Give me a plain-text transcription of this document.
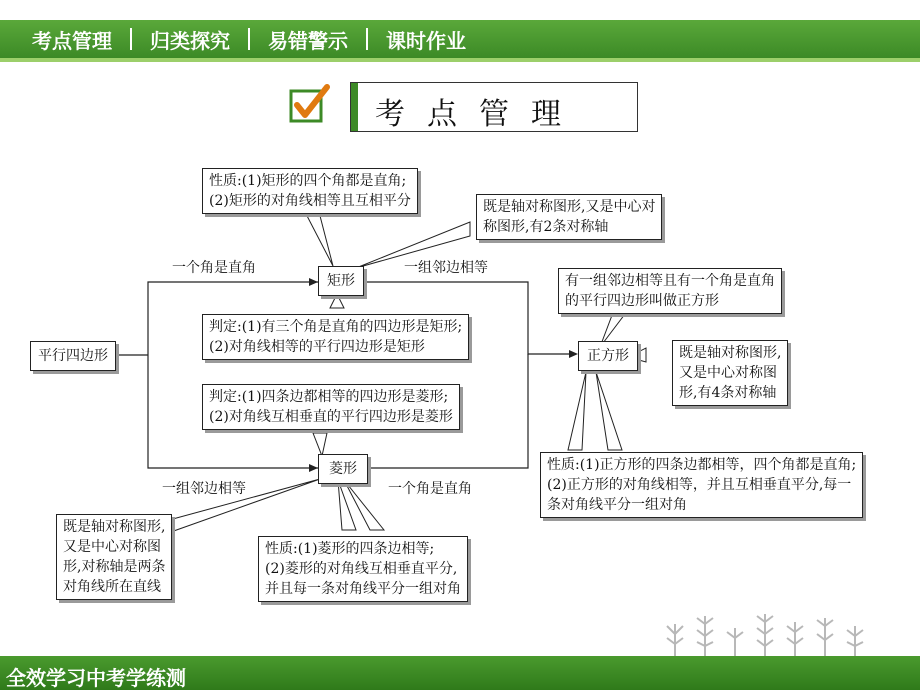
考点管理	归类探究	易错警示	课时作业
考点管理
平行四边形
矩形
菱形
正方形
一个角是直角	一组邻边相等
一组邻边相等	一个角是直角
性质:(1)矩形的四个角都是直角;
(2)矩形的对角线相等且互相平分	既是轴对称图形,又是中心对
称图形,有2条对称轴
判定:(1)有三个角是直角的四边形是矩形;
(2)对角线相等的平行四边形是矩形
判定:(1)四条边都相等的四边形是菱形;
(2)对角线互相垂直的平行四边形是菱形
有一组邻边相等且有一个角是直角
的平行四边形叫做正方形
既是轴对称图形,
又是中心对称图
形,有4条对称轴
性质:(1)正方形的四条边都相等，四个角都是直角;
(2)正方形的对角线相等，并且互相垂直平分,每一
条对角线平分一组对角
既是轴对称图形,
又是中心对称图
形,对称轴是两条
对角线所在直线
性质:(1)菱形的四条边相等;
(2)菱形的对角线互相垂直平分,
并且每一条对角线平分一组对角
全效学习中考学练测
